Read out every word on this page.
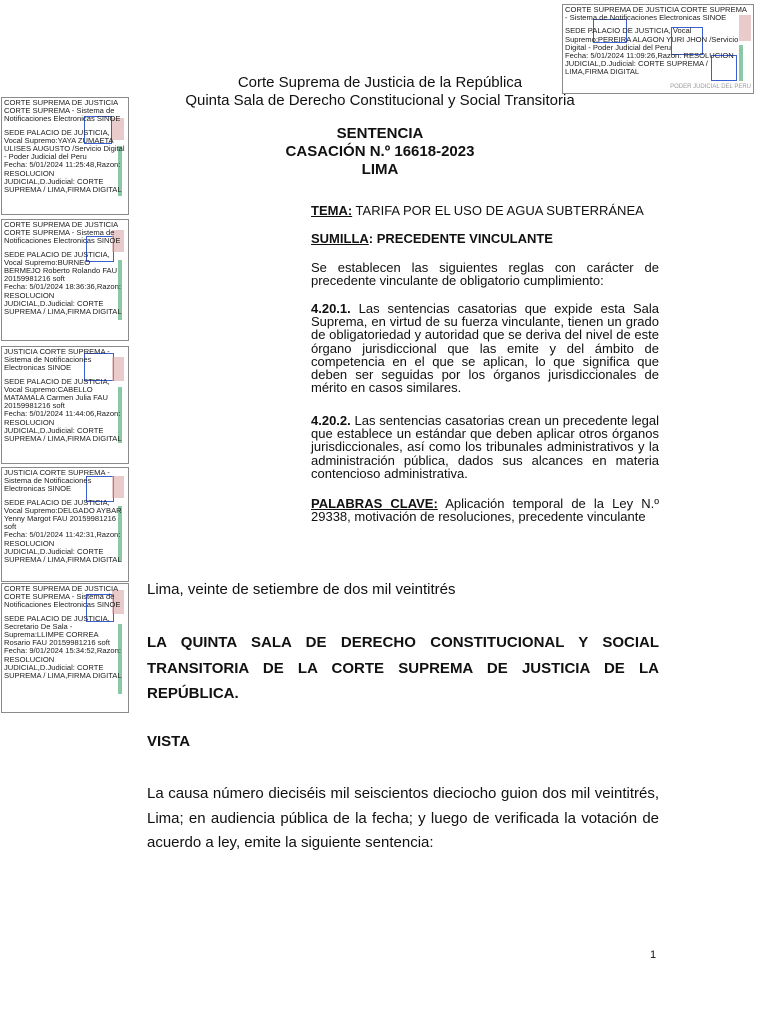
CORTE SUPREMA DE JUSTICIA CORTE SUPREMA - Sistema de Notificaciones Electronicas SINOE
SEDE PALACIO DE JUSTICIA, Vocal Supremo:PEREIRA ALAGON YURI JHON /Servicio Digital - Poder Judicial del Peru
Fecha: 5/01/2024 11:09:26,Razon: RESOLUCION JUDICIAL,D.Judicial: CORTE SUPREMA / LIMA,FIRMA DIGITAL
PODER JUDICIAL DEL PERU
CORTE SUPREMA DE JUSTICIA CORTE SUPREMA - Sistema de Notificaciones Electronicas SINOE
SEDE PALACIO DE JUSTICIA, Vocal Supremo:YAYA ZUMAETA ULISES AUGUSTO /Servicio Digital - Poder Judicial del Peru
Fecha: 5/01/2024 11:25:48,Razon: RESOLUCION JUDICIAL,D.Judicial: CORTE SUPREMA / LIMA,FIRMA DIGITAL
CORTE SUPREMA DE JUSTICIA CORTE SUPREMA - Sistema de Notificaciones Electronicas SINOE
SEDE PALACIO DE JUSTICIA, Vocal Supremo:BURNEO BERMEJO Roberto Rolando FAU 20159981216 soft
Fecha: 5/01/2024 18:36:36,Razon: RESOLUCION JUDICIAL,D.Judicial: CORTE SUPREMA / LIMA,FIRMA DIGITAL
JUSTICIA CORTE SUPREMA - Sistema de Notificaciones Electronicas SINOE
SEDE PALACIO DE JUSTICIA, Vocal Supremo:CABELLO MATAMALA Carmen Julia FAU 20159981216 soft
Fecha: 5/01/2024 11:44:06,Razon: RESOLUCION JUDICIAL,D.Judicial: CORTE SUPREMA / LIMA,FIRMA DIGITAL
JUSTICIA CORTE SUPREMA - Sistema de Notificaciones Electronicas SINOE
SEDE PALACIO DE JUSTICIA, Vocal Supremo:DELGADO AYBAR Yenny Margot FAU 20159981216 soft
Fecha: 5/01/2024 11:42:31,Razon: RESOLUCION JUDICIAL,D.Judicial: CORTE SUPREMA / LIMA,FIRMA DIGITAL
CORTE SUPREMA DE JUSTICIA CORTE SUPREMA - Sistema de Notificaciones Electronicas SINOE
SEDE PALACIO DE JUSTICIA, Secretario De Sala - Suprema:LLIMPE CORREA Rosario FAU 20159981216 soft
Fecha: 9/01/2024 15:34:52,Razon: RESOLUCION JUDICIAL,D.Judicial: CORTE SUPREMA / LIMA,FIRMA DIGITAL
Corte Suprema de Justicia de la República
Quinta Sala de Derecho Constitucional y Social Transitoria
SENTENCIA
CASACIÓN N.º 16618-2023
LIMA
TEMA: TARIFA POR EL USO DE AGUA SUBTERRÁNEA
SUMILLA: PRECEDENTE VINCULANTE
Se establecen las siguientes reglas con carácter de precedente vinculante de obligatorio cumplimiento:
4.20.1. Las sentencias casatorias que expide esta Sala Suprema, en virtud de su fuerza vinculante, tienen un grado de obligatoriedad y autoridad que se deriva del nivel de este órgano jurisdiccional que las emite y del ámbito de competencia en el que se aplican, lo que significa que deben ser seguidas por los órganos jurisdiccionales de mérito en casos similares.
4.20.2. Las sentencias casatorias crean un precedente legal que establece un estándar que deben aplicar otros órganos jurisdiccionales, así como los tribunales administrativos y la administración pública, dados sus alcances en materia contencioso administrativa.
PALABRAS CLAVE: Aplicación temporal de la Ley N.º 29338, motivación de resoluciones, precedente vinculante
Lima, veinte de setiembre de dos mil veintitrés
LA QUINTA SALA DE DERECHO CONSTITUCIONAL Y SOCIAL TRANSITORIA DE LA CORTE SUPREMA DE JUSTICIA DE LA REPÚBLICA.
VISTA
La causa número dieciséis mil seiscientos dieciocho guion dos mil veintitrés, Lima; en audiencia pública de la fecha; y luego de verificada la votación de acuerdo a ley, emite la siguiente sentencia:
1
